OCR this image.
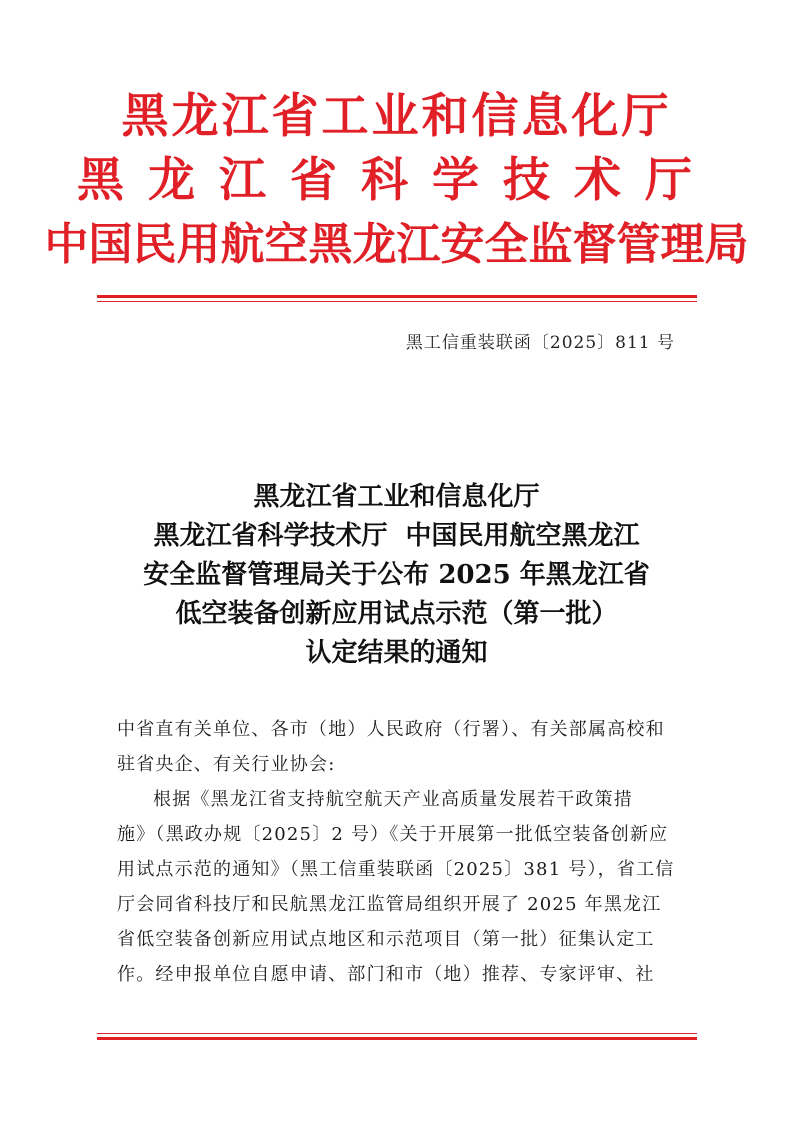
黑龙江省工业和信息化厅
黑龙江省科学技术厅
中国民用航空黑龙江安全监督管理局
黑工信重装联函〔2025〕811 号
黑龙江省工业和信息化厅
黑龙江省科学技术厅  中国民用航空黑龙江
安全监督管理局关于公布 2025 年黑龙江省
低空装备创新应用试点示范（第一批）
认定结果的通知
中省直有关单位、各市（地）人民政府（行署）、有关部属高校和
驻省央企、有关行业协会:
根据《黑龙江省支持航空航天产业高质量发展若干政策措
施》（黑政办规〔2025〕2 号）《关于开展第一批低空装备创新应
用试点示范的通知》（黑工信重装联函〔2025〕381 号），省工信
厅会同省科技厅和民航黑龙江监管局组织开展了 2025 年黑龙江
省低空装备创新应用试点地区和示范项目（第一批）征集认定工
作。经申报单位自愿申请、部门和市（地）推荐、专家评审、社
